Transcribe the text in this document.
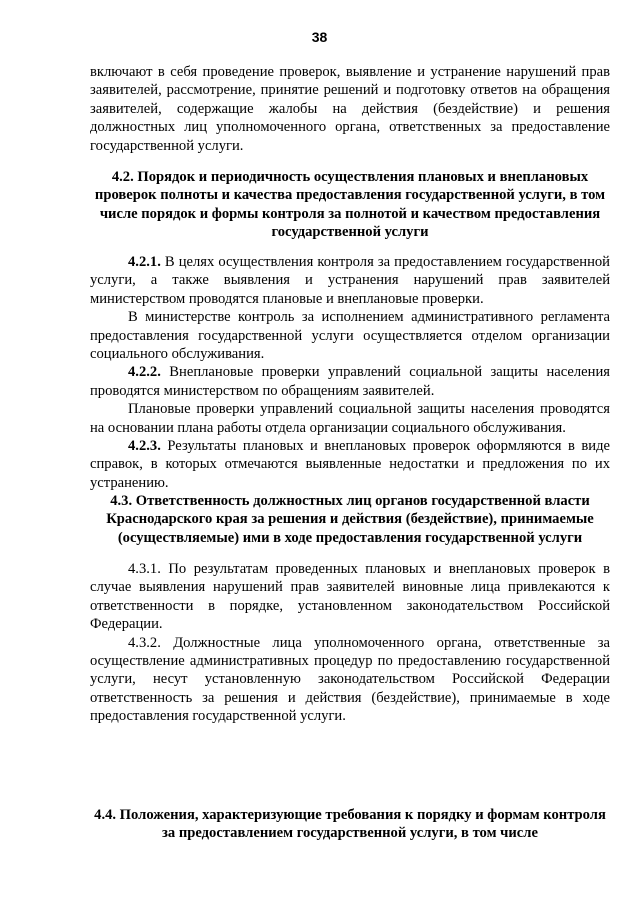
38

включают в себя проведение проверок, выявление и устранение нарушений прав заявителей, рассмотрение, принятие решений и подготовку ответов на обращения заявителей, содержащие жалобы на действия (бездействие) и решения должностных лиц уполномоченного органа, ответственных за предоставление государственной услуги.

4.2. Порядок и периодичность осуществления плановых и внеплановых проверок полноты и качества предоставления государственной услуги, в том числе порядок и формы контроля за полнотой и качеством предоставления государственной услуги

4.2.1. В целях осуществления контроля за предоставлением государственной услуги, а также выявления и устранения нарушений прав заявителей министерством проводятся плановые и внеплановые проверки.

В министерстве контроль за исполнением административного регламента предоставления государственной услуги осуществляется отделом организации социального обслуживания.

4.2.2. Внеплановые проверки управлений социальной защиты населения проводятся министерством по обращениям заявителей.

Плановые проверки управлений социальной защиты населения проводятся на основании плана работы отдела организации социального обслуживания.

4.2.3. Результаты плановых и внеплановых проверок оформляются в виде справок, в которых отмечаются выявленные недостатки и предложения по их устранению.

4.3. Ответственность должностных лиц органов государственной власти Краснодарского края за решения и действия (бездействие), принимаемые (осуществляемые) ими в ходе предоставления государственной услуги

4.3.1. По результатам проведенных плановых и внеплановых проверок в случае выявления нарушений прав заявителей виновные лица привлекаются к ответственности в порядке, установленном законодательством Российской Федерации.

4.3.2. Должностные лица уполномоченного органа, ответственные за осуществление административных процедур по предоставлению государственной услуги, несут установленную законодательством Российской Федерации ответственность за решения и действия (бездействие), принимаемые в ходе предоставления государственной услуги.

4.4. Положения, характеризующие требования к порядку и формам контроля за предоставлением государственной услуги, в том числе
